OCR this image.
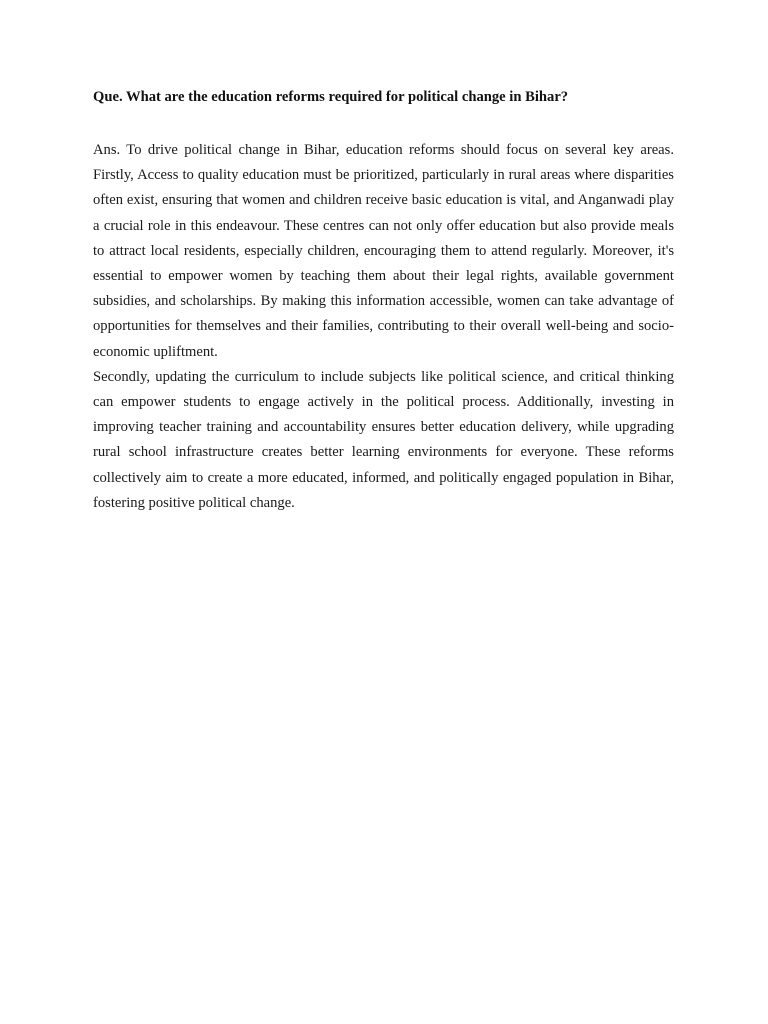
Que. What are the education reforms required for political change in Bihar?

Ans. To drive political change in Bihar, education reforms should focus on several key areas. Firstly, Access to quality education must be prioritized, particularly in rural areas where disparities often exist, ensuring that women and children receive basic education is vital, and Anganwadi play a crucial role in this endeavour. These centres can not only offer education but also provide meals to attract local residents, especially children, encouraging them to attend regularly. Moreover, it's essential to empower women by teaching them about their legal rights, available government subsidies, and scholarships. By making this information accessible, women can take advantage of opportunities for themselves and their families, contributing to their overall well-being and socio-economic upliftment.

Secondly, updating the curriculum to include subjects like political science, and critical thinking can empower students to engage actively in the political process. Additionally, investing in improving teacher training and accountability ensures better education delivery, while upgrading rural school infrastructure creates better learning environments for everyone. These reforms collectively aim to create a more educated, informed, and politically engaged population in Bihar, fostering positive political change.
